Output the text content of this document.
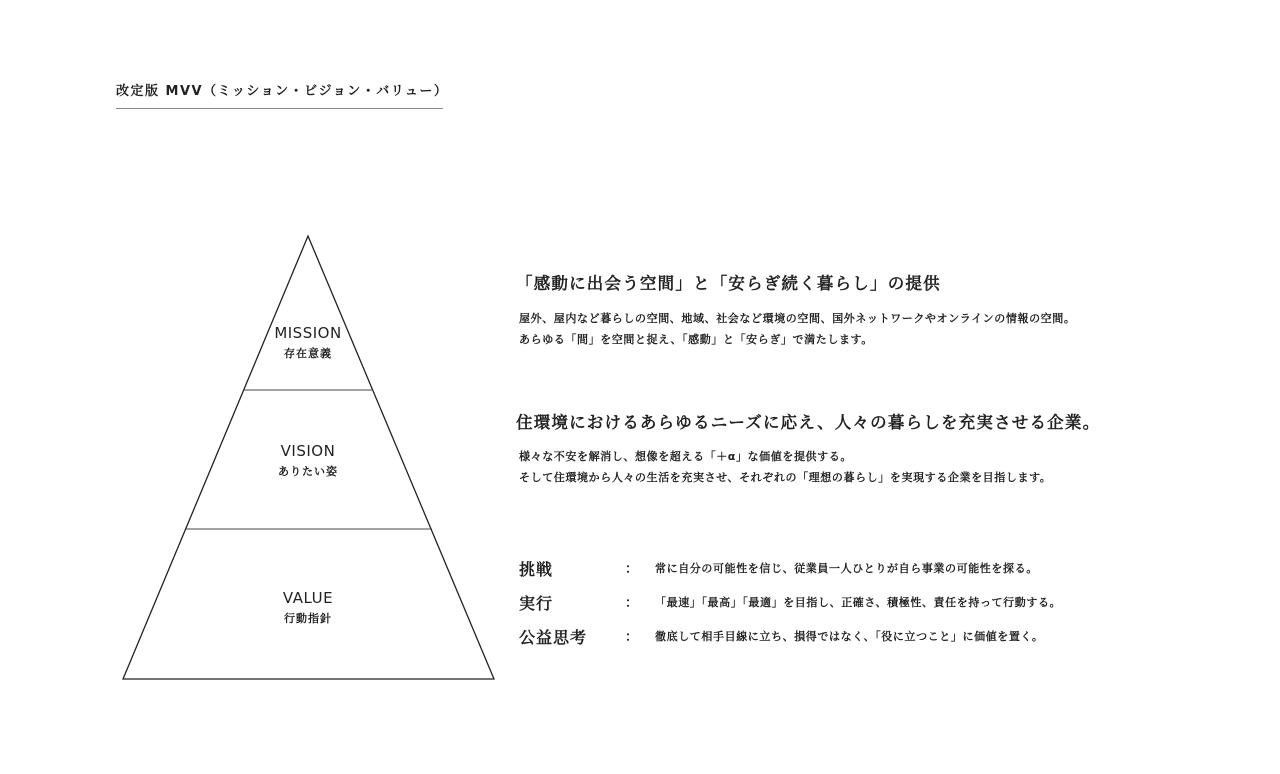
改定版 MVV（ミッション・ビジョン・バリュー）
MISSION
存在意義
VISION
ありたい姿
VALUE
行動指針
「感動に出会う空間」と「安らぎ続く暮らし」の提供
屋外、屋内など暮らしの空間、地域、社会など環境の空間、国外ネットワークやオンラインの情報の空間。
あらゆる「間」を空間と捉え、「感動」と「安らぎ」で満たします。
住環境におけるあらゆるニーズに応え、人々の暮らしを充実させる企業。
様々な不安を解消し、想像を超える「＋α」な価値を提供する。
そして住環境から人々の生活を充実させ、それぞれの「理想の暮らし」を実現する企業を目指します。
挑戦	： 常に自分の可能性を信じ、従業員一人ひとりが自ら事業の可能性を探る。
実行	： 「最速」「最高」「最適」を目指し、正確さ、積極性、責任を持って行動する。
公益思考	： 徹底して相手目線に立ち、損得ではなく、「役に立つこと」に価値を置く。
